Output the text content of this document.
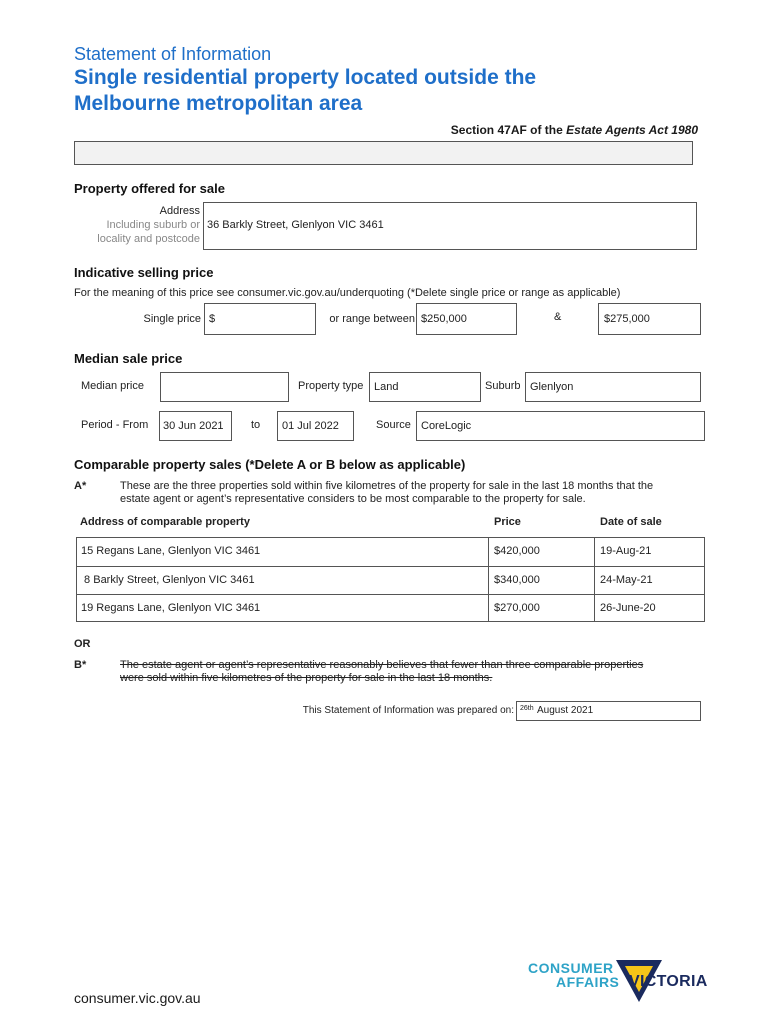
Statement of Information
Single residential property located outside the
Melbourne metropolitan area
Section 47AF of the Estate Agents Act 1980
Property offered for sale
Address
Including suburb or
locality and postcode
36 Barkly Street, Glenlyon VIC 3461
Indicative selling price
For the meaning of this price see consumer.vic.gov.au/underquoting (*Delete single price or range as applicable)
Single price $	or range between $250,000	&	$275,000
Median sale price
Median price	Property type Land	Suburb Glenlyon
Period - From 30 Jun 2021 to 01 Jul 2022	Source CoreLogic
Comparable property sales (*Delete A or B below as applicable)
A*	These are the three properties sold within five kilometres of the property for sale in the last 18 months that the
estate agent or agent’s representative considers to be most comparable to the property for sale.
Address of comparable property	Price	Date of sale
15 Regans Lane, Glenlyon VIC 3461	$420,000	19-Aug-21
8 Barkly Street, Glenlyon VIC 3461	$340,000	24-May-21
19 Regans Lane, Glenlyon VIC 3461	$270,000	26-June-20
OR
B*	The estate agent or agent’s representative reasonably believes that fewer than three comparable properties
were sold within five kilometres of the property for sale in the last 18 months.
This Statement of Information was prepared on: 26th August 2021
consumer.vic.gov.au
CONSUMER
AFFAIRS VICTORIA
